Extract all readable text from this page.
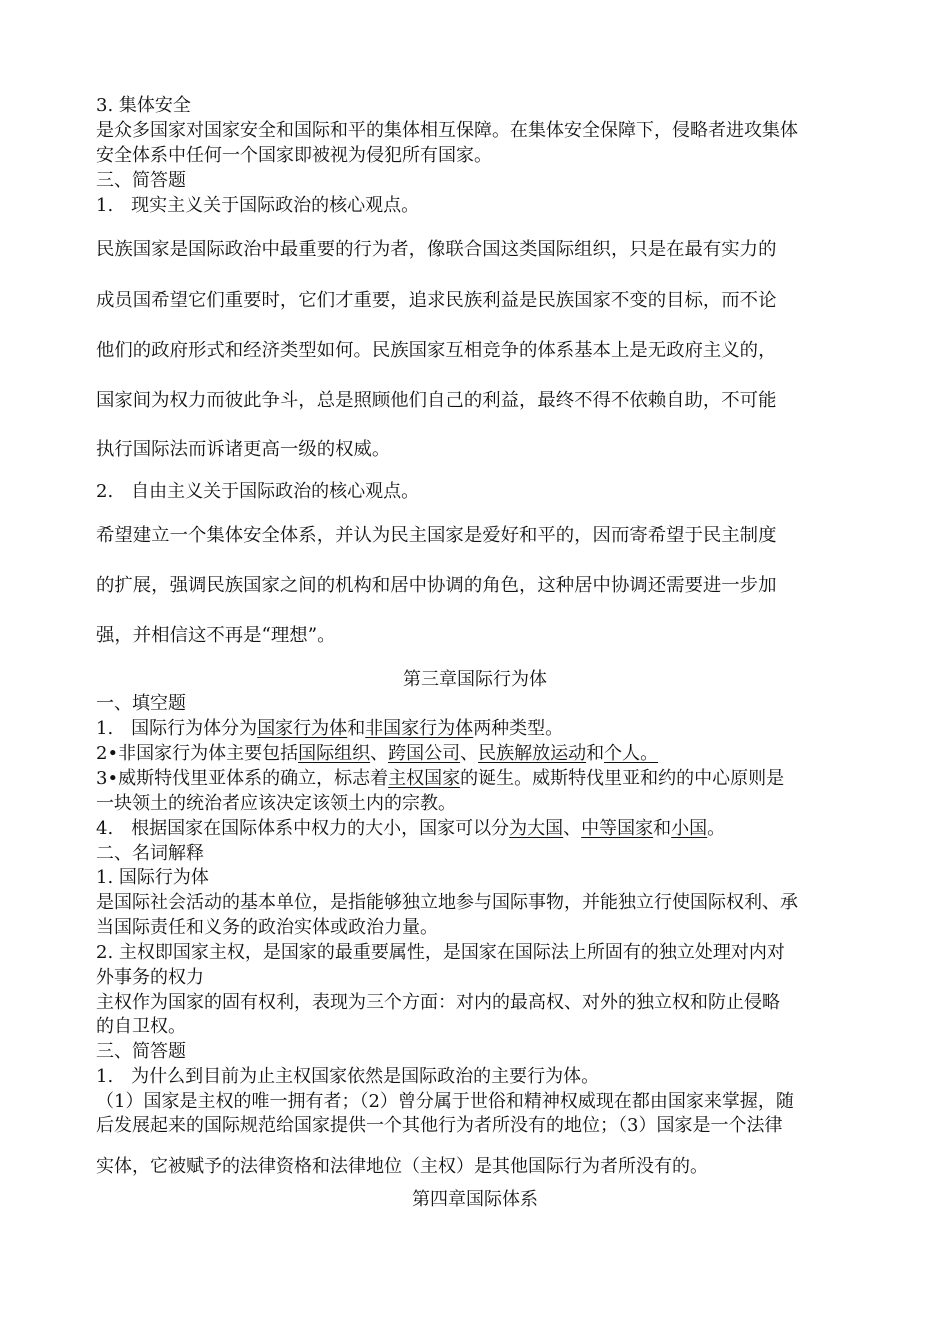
3. 集体安全
是众多国家对国家安全和国际和平的集体相互保障。在集体安全保障下，侵略者进攻集体
安全体系中任何一个国家即被视为侵犯所有国家。
三、简答题
1.　现实主义关于国际政治的核心观点。
民族国家是国际政治中最重要的行为者，像联合国这类国际组织，只是在最有实力的
成员国希望它们重要时，它们才重要，追求民族利益是民族国家不变的目标，而不论
他们的政府形式和经济类型如何。民族国家互相竞争的体系基本上是无政府主义的，
国家间为权力而彼此争斗，总是照顾他们自己的利益，最终不得不依赖自助，不可能
执行国际法而诉诸更高一级的权威。
2.　自由主义关于国际政治的核心观点。
希望建立一个集体安全体系，并认为民主国家是爱好和平的，因而寄希望于民主制度
的扩展，强调民族国家之间的机构和居中协调的角色，这种居中协调还需要进一步加
强，并相信这不再是“理想”。
第三章国际行为体
一、填空题
1.　国际行为体分为国家行为体和非国家行为体两种类型。
2•非国家行为体主要包括国际组织、跨国公司、民族解放运动和个人。
3•威斯特伐里亚体系的确立，标志着主权国家的诞生。威斯特伐里亚和约的中心原则是
一块领土的统治者应该决定该领土内的宗教。
4.　根据国家在国际体系中权力的大小，国家可以分为大国、中等国家和小国。
二、名词解释
1. 国际行为体
是国际社会活动的基本单位，是指能够独立地参与国际事物，并能独立行使国际权利、承
当国际责任和义务的政治实体或政治力量。
2. 主权即国家主权，是国家的最重要属性，是国家在国际法上所固有的独立处理对内对
外事务的权力
主权作为国家的固有权利，表现为三个方面：对内的最高权、对外的独立权和防止侵略
的自卫权。
三、简答题
1.　为什么到目前为止主权国家依然是国际政治的主要行为体。
（1）国家是主权的唯一拥有者；（2）曾分属于世俗和精神权威现在都由国家来掌握，随
后发展起来的国际规范给国家提供一个其他行为者所没有的地位；（3）国家是一个法律
实体，它被赋予的法律资格和法律地位（主权）是其他国际行为者所没有的。
第四章国际体系
